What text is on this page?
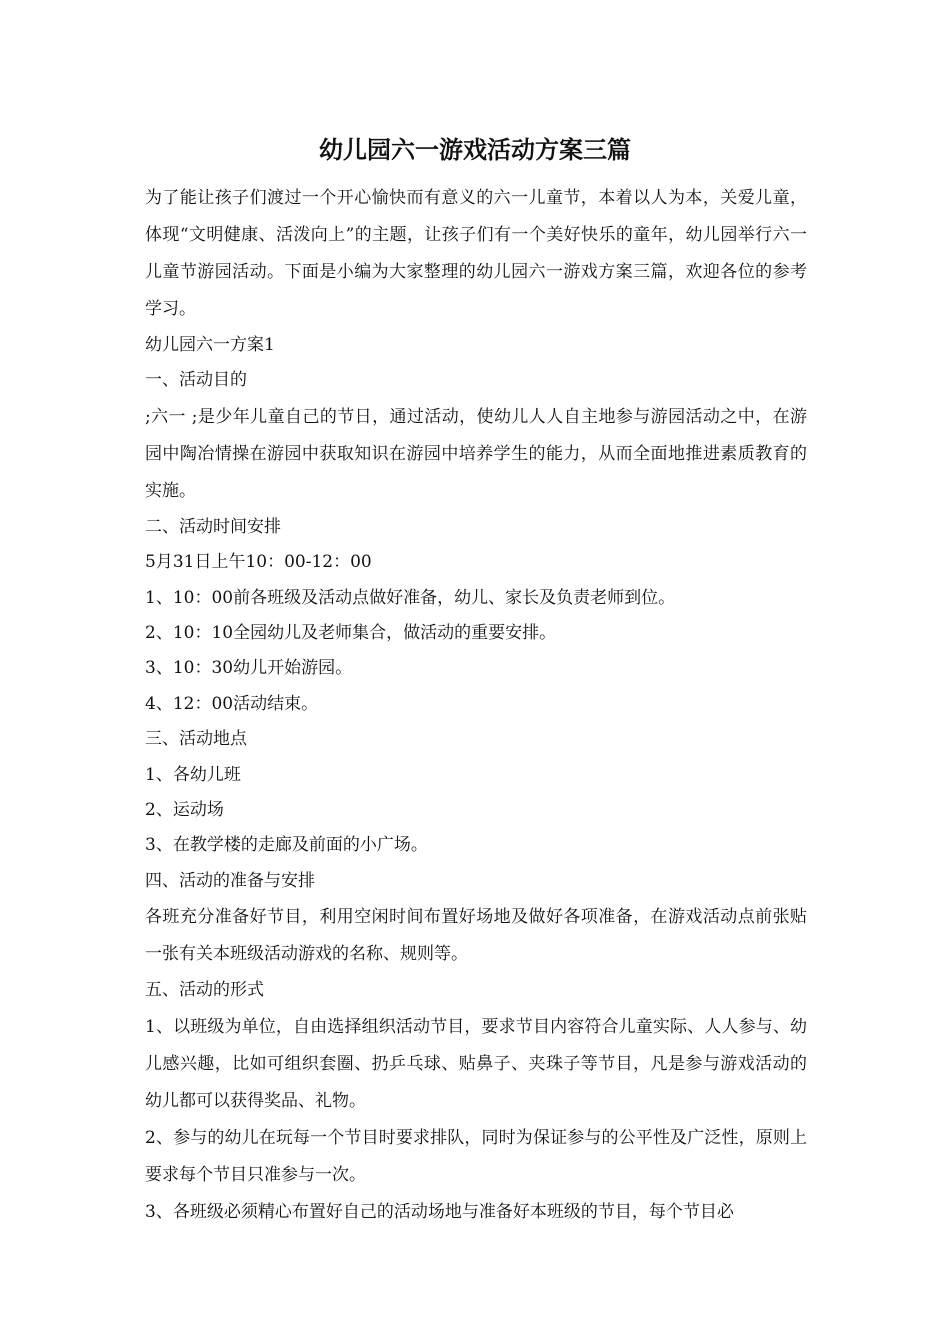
幼儿园六一游戏活动方案三篇

为了能让孩子们渡过一个开心愉快而有意义的六一儿童节，本着以人为本，关爱儿童，体现“文明健康、活泼向上”的主题，让孩子们有一个美好快乐的童年，幼儿园举行六一儿童节游园活动。下面是小编为大家整理的幼儿园六一游戏方案三篇，欢迎各位的参考学习。

幼儿园六一方案1

一、活动目的

;六一 ;是少年儿童自己的节日，通过活动，使幼儿人人自主地参与游园活动之中，在游园中陶冶情操在游园中获取知识在游园中培养学生的能力，从而全面地推进素质教育的实施。

二、活动时间安排

5月31日上午10：00-12：00

1、10：00前各班级及活动点做好准备，幼儿、家长及负责老师到位。

2、10：10全园幼儿及老师集合，做活动的重要安排。

3、10：30幼儿开始游园。

4、12：00活动结束。

三、活动地点

1、各幼儿班

2、运动场

3、在教学楼的走廊及前面的小广场。

四、活动的准备与安排

各班充分准备好节目，利用空闲时间布置好场地及做好各项准备，在游戏活动点前张贴一张有关本班级活动游戏的名称、规则等。

五、活动的形式

1、以班级为单位，自由选择组织活动节目，要求节目内容符合儿童实际、人人参与、幼儿感兴趣，比如可组织套圈、扔乒乓球、贴鼻子、夹珠子等节目，凡是参与游戏活动的幼儿都可以获得奖品、礼物。

2、参与的幼儿在玩每一个节目时要求排队，同时为保证参与的公平性及广泛性，原则上要求每个节目只准参与一次。

3、各班级必须精心布置好自己的活动场地与准备好本班级的节目，每个节目必
